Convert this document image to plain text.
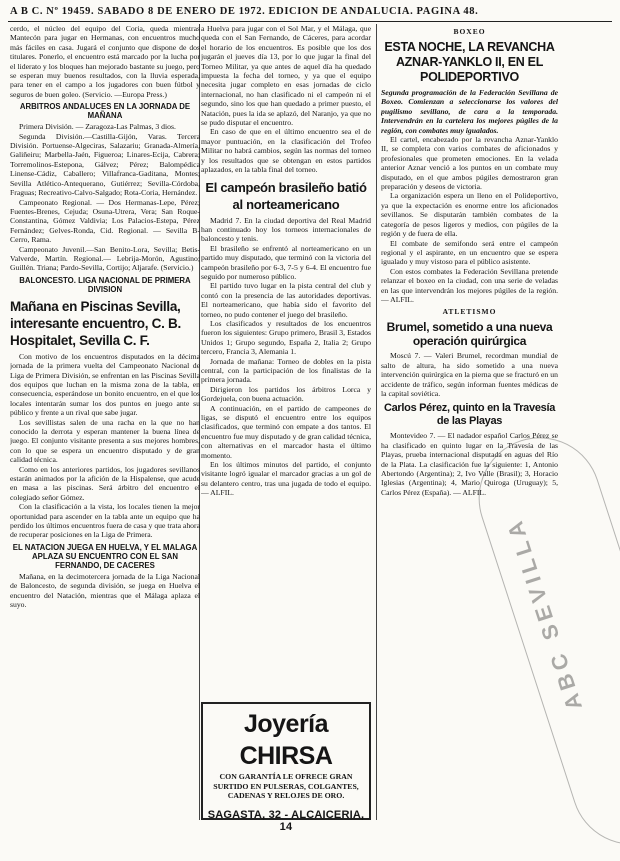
A B C. Nº 19459. SABADO 8 DE ENERO DE 1972. EDICION DE ANDALUCIA. PAGINA 48.

cerdo, el núcleo del equipo del Coria, queda mientras Mantecón para jugar en Hermanas, con encuentros mucho más fáciles en casa. Jugará el conjunto que dispone de dos titulares. Ponerlo, el encuentro está marcado por la lucha por el liderato y los bloques han mejorado bastante su juego, pero se esperan muy buenos resultados, con la lluvia esperada, para tener en el campo a los jugadores con buen fútbol y seguros de buen goleo. (Servicio. —Europa Press.)

ARBITROS ANDALUCES EN LA JORNADA DE MAÑANA

Primera División. — Zaragoza-Las Palmas, 3 dios.

Segunda División.—Castilla-Gijón, Varas. Tercera División. Portuense-Algeciras, Salazariu; Granada-Almería, Galiñeiru; Marbella-Jaén, Figueroa; Linares-Ecija, Cabrera; Torremolinos-Estepona, Gálvez; Pérez; Balompédica Linense-Cádiz, Caballero; Villafranca-Gaditana, Montes; Sevilla Atlético-Antequerano, Gutiérrez; Sevilla-Córdoba, Fraguas; Recreativo-Calvo-Salgado; Rota-Coria, Hernández.

Campeonato Regional. — Dos Hermanas-Lepe, Pérez; Fuentes-Brenes, Cejuda; Osuna-Utrera, Vera; San Roque-Constantina, Gómez Valdivia; Los Palacios-Estepa, Pérez Fernández; Gelves-Ronda, Cid. Regional. — Sevilla B-Cerro, Rama.

Campeonato Juvenil.—San Benito-Lora, Sevilla; Betis-Valverde, Martín. Regional.— Lebrija-Morón, Agustino; Guillén. Triana; Pardo-Sevilla, Cortijo; Aljarafe. (Servicio.)

BALONCESTO. LIGA NACIONAL DE PRIMERA DIVISION
Mañana en Piscinas Sevilla, interesante encuentro, C. B. Hospitalet, Sevilla C. F.

Con motivo de los encuentros disputados en la décima jornada de la primera vuelta del Campeonato Nacional de Liga de Primera División, se enfrentan en las Piscinas Sevilla dos equipos que luchan en la misma zona de la tabla, en consecuencia, esperándose un bonito encuentro, en el que los locales intentarán sumar los dos puntos en juego ante su público y frente a un rival que sabe jugar.

Los sevillistas salen de una racha en la que no han conocido la derrota y esperan mantener la buena línea de juego. El conjunto visitante presenta a sus mejores hombres, con lo que se espera un encuentro disputado y de gran calidad técnica.

Como en los anteriores partidos, los jugadores sevillanos estarán animados por la afición de la Hispalense, que acude en masa a las piscinas. Será árbitro del encuentro el colegiado señor Gómez.

Con la clasificación a la vista, los locales tienen la mejor oportunidad para ascender en la tabla ante un equipo que ha perdido los últimos encuentros fuera de casa y que trata ahora de recuperar posiciones en la Liga de Primera.

EL NATACION JUEGA EN HUELVA, Y EL MALAGA APLAZA SU ENCUENTRO CON EL SAN FERNANDO, DE CACERES

Mañana, en la decimotercera jornada de la Liga Nacional de Baloncesto, de segunda división, se juega en Huelva el encuentro del Natación, mientras que el Málaga aplaza el suyo.

a Huelva para jugar con el Sol Mar, y el Málaga, que queda con el San Fernando, de Cáceres, para acordar el horario de los encuentros. Es posible que los dos jugarán el jueves día 13, por lo que jugar la final del Torneo Militar, ya que antes de aquel día ha quedado impuesta la fecha del torneo, y ya que el equipo necesita jugar completo en esas jornadas de ciclo internacional, no han clasificado ni el campeón ni el segundo, sino los que han quedado a primer puesto, el Natación, pues la ida se aplazó, del Naranjo, ya que no se pudo disputar el encuentro.

En caso de que en el último encuentro sea el de mayor puntuación, en la clasificación del Trofeo Militar no habrá cambios, según las normas del torneo y los resultados que se obtengan en estos partidos aplazados, en la tabla final del torneo.

El campeón brasileño batió al norteamericano

Madrid 7. En la ciudad deportiva del Real Madrid han continuado hoy los torneos internacionales de baloncesto y tenis.

El brasileño se enfrentó al norteamericano en un partido muy disputado, que terminó con la victoria del campeón brasileño por 6-3, 7-5 y 6-4. El encuentro fue seguido por numeroso público.

El partido tuvo lugar en la pista central del club y contó con la presencia de las autoridades deportivas. El norteamericano, que había sido el favorito del torneo, no pudo contener el juego del brasileño.

Los clasificados y resultados de los encuentros fueron los siguientes: Grupo primero, Brasil 3, Estados Unidos 1; Grupo segundo, España 2, Italia 2; Grupo tercero, Francia 3, Alemania 1.

Jornada de mañana: Torneo de dobles en la pista central, con la participación de los finalistas de la primera jornada.

Dirigieron los partidos los árbitros Lorca y Gordejuela, con buena actuación.

A continuación, en el partido de campeones de ligas, se disputó el encuentro entre los equipos clasificados, que terminó con empate a dos tantos. El encuentro fue muy disputado y de gran calidad técnica, con alternativas en el marcador hasta el último momento.

En los últimos minutos del partido, el conjunto visitante logró igualar el marcador gracias a un gol de su delantero centro, tras una jugada de todo el equipo. — ALFIL.

Joyería CHIRSA
CON GARANTÍA LE OFRECE GRAN SURTIDO EN PULSERAS, COLGANTES, CADENAS Y RELOJES DE ORO.
SAGASTA, 32 - ALCAICERIA, 14
BOXEO
ESTA NOCHE, LA REVANCHA AZNAR-YANKLO II, EN EL POLIDEPORTIVO

Segunda programación de la Federación Sevillana de Boxeo. Comienzan a seleccionarse los valores del pugilismo sevillano, de cara a la temporada. Intervendrán en la cartelera los mejores púgiles de la región, con combates muy igualados.

El cartel, encabezado por la revancha Aznar-Yanklo II, se completa con varios combates de aficionados y profesionales que prometen emociones. En la velada anterior Aznar venció a los puntos en un combate muy disputado, en el que ambos púgiles demostraron gran preparación y deseos de victoria.

La organización espera un lleno en el Polideportivo, ya que la expectación es enorme entre los aficionados sevillanos. Se disputarán también combates de la categoría de pesos ligeros y medios, con púgiles de la región y de fuera de ella.

El combate de semifondo será entre el campeón regional y el aspirante, en un encuentro que se espera igualado y muy vistoso para el público asistente.

Con estos combates la Federación Sevillana pretende relanzar el boxeo en la ciudad, con una serie de veladas en las que intervendrán los mejores púgiles de la región. — ALFIL.

ATLETISMO
Brumel, sometido a una nueva operación quirúrgica

Moscú 7. — Valeri Brumel, recordman mundial de salto de altura, ha sido sometido a una nueva intervención quirúrgica en la pierna que se fracturó en un accidente de tráfico, según informan fuentes médicas de la capital soviética.

Carlos Pérez, quinto en la Travesía de las Playas

Montevideo 7. — El nadador español Carlos Pérez se ha clasificado en quinto lugar en la Travesía de las Playas, prueba internacional disputada en aguas del Río de la Plata. La clasificación fue la siguiente: 1, Antonio Abertondo (Argentina); 2, Ivo Valle (Brasil); 3, Horacio Iglesias (Argentina); 4, Mario Quiroga (Uruguay); 5, Carlos Pérez (España). — ALFIL.

ABC SEVILLA
